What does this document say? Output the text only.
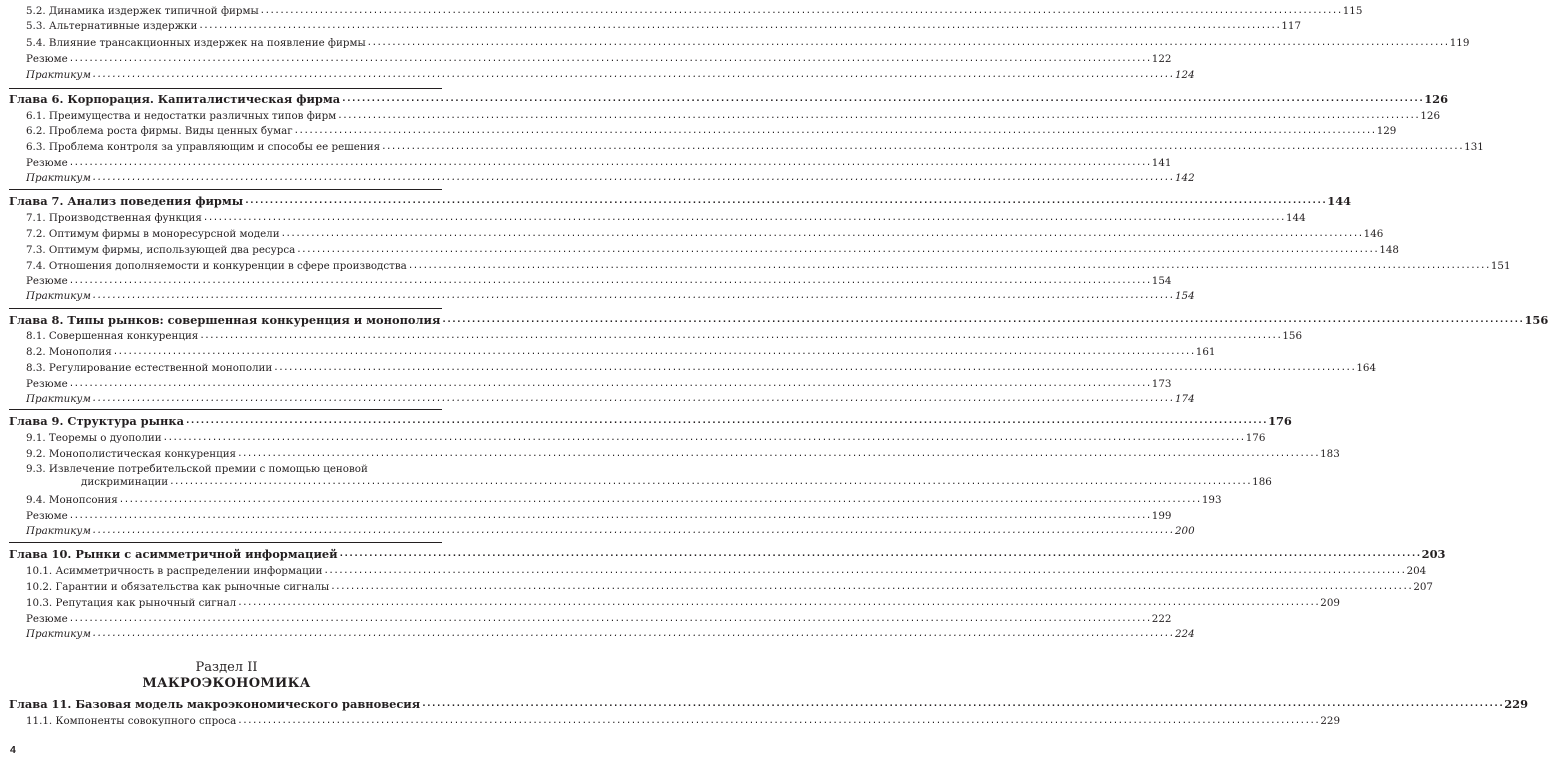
5.2. Динамика издержек типичной фирмы ............................................................................................................................................................................................................................ 115
5.3. Альтернативные издержки ............................................................................................................................................................................................................................ 117
5.4. Влияние трансакционных издержек на появление фирмы ............................................................................................................................................................................................................................ 119
Резюме ............................................................................................................................................................................................................................ 122
Практикум ............................................................................................................................................................................................................................ 124
Глава 6. Корпорация. Капиталистическая фирма ............................................................................................................................................................................................................................ 126
6.1. Преимущества и недостатки различных типов фирм ............................................................................................................................................................................................................................ 126
6.2. Проблема роста фирмы. Виды ценных бумаг ............................................................................................................................................................................................................................ 129
6.3. Проблема контроля за управляющим и способы ее решения ............................................................................................................................................................................................................................ 131
Резюме ............................................................................................................................................................................................................................ 141
Практикум ............................................................................................................................................................................................................................ 142
Глава 7. Анализ поведения фирмы ............................................................................................................................................................................................................................ 144
7.1. Производственная функция ............................................................................................................................................................................................................................ 144
7.2. Оптимум фирмы в моноресурсной модели ............................................................................................................................................................................................................................ 146
7.3. Оптимум фирмы, использующей два ресурса ............................................................................................................................................................................................................................ 148
7.4. Отношения дополняемости и конкуренции в сфере производства ............................................................................................................................................................................................................................ 151
Резюме ............................................................................................................................................................................................................................ 154
Практикум ............................................................................................................................................................................................................................ 154
Глава 8. Типы рынков: совершенная конкуренция и монополия ............................................................................................................................................................................................................................ 156
8.1. Совершенная конкуренция ............................................................................................................................................................................................................................ 156
8.2. Монополия ............................................................................................................................................................................................................................ 161
8.3. Регулирование естественной монополии ............................................................................................................................................................................................................................ 164
Резюме ............................................................................................................................................................................................................................ 173
Практикум ............................................................................................................................................................................................................................ 174
Глава 9. Структура рынка ............................................................................................................................................................................................................................ 176
9.1. Теоремы о дуополии ............................................................................................................................................................................................................................ 176
9.2. Монополистическая конкуренция ............................................................................................................................................................................................................................ 183
9.3. Извлечение потребительской премии с помощью ценовой
дискриминации ............................................................................................................................................................................................................................ 186
9.4. Монопсония ............................................................................................................................................................................................................................ 193
Резюме ............................................................................................................................................................................................................................ 199
Практикум ............................................................................................................................................................................................................................ 200
Глава 10. Рынки с асимметричной информацией ............................................................................................................................................................................................................................ 203
10.1. Асимметричность в распределении информации ............................................................................................................................................................................................................................ 204
10.2. Гарантии и обязательства как рыночные сигналы ............................................................................................................................................................................................................................ 207
10.3. Репутация как рыночный сигнал ............................................................................................................................................................................................................................ 209
Резюме ............................................................................................................................................................................................................................ 222
Практикум ............................................................................................................................................................................................................................ 224
Раздел II
МАКРОЭКОНОМИКА
Глава 11. Базовая модель макроэкономического равновесия ............................................................................................................................................................................................................................ 229
11.1. Компоненты совокупного спроса ............................................................................................................................................................................................................................ 229
4
